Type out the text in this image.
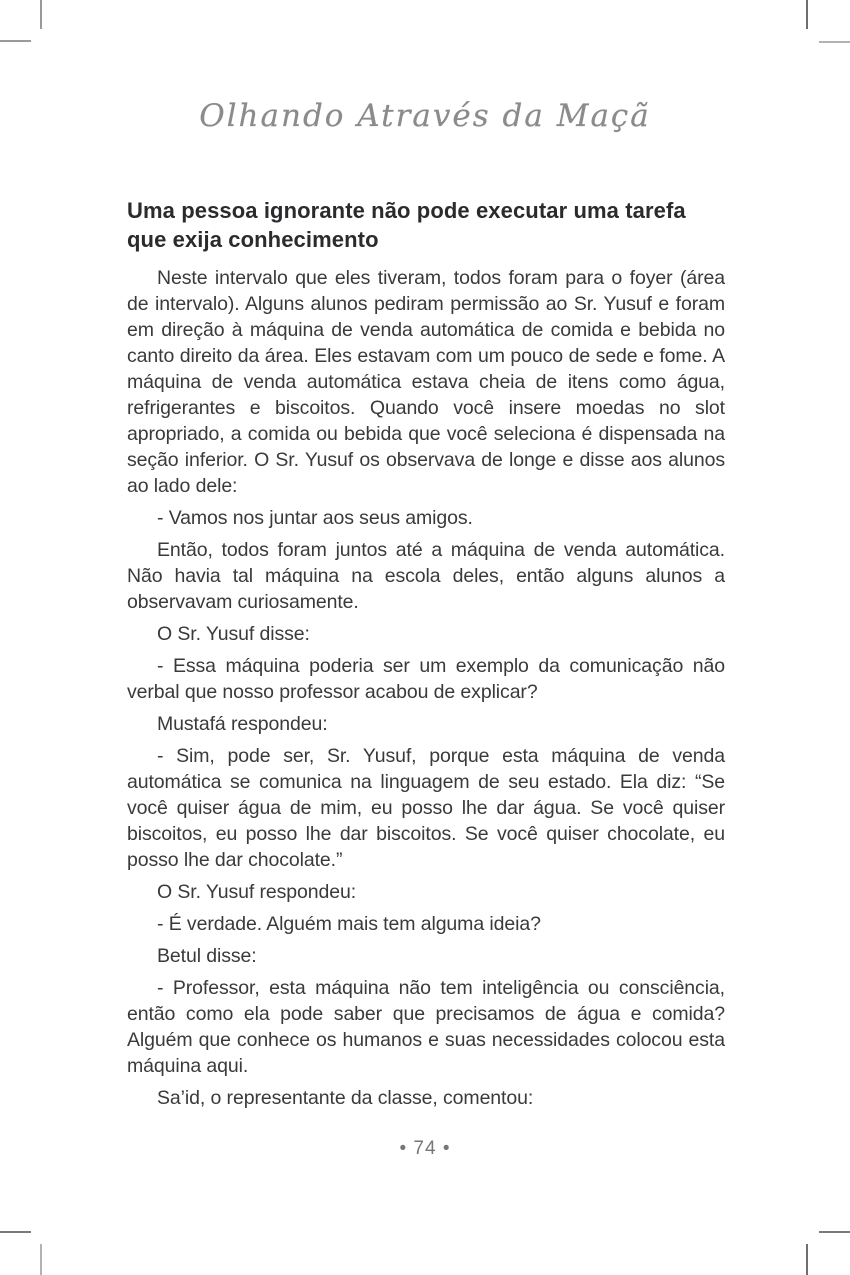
Olhando Através da Maçã
Uma pessoa ignorante não pode executar uma tarefa que exija conhecimento

Neste intervalo que eles tiveram, todos foram para o foyer (área de intervalo). Alguns alunos pediram permissão ao Sr. Yusuf e foram em direção à máquina de venda automática de comida e bebida no canto direito da área. Eles estavam com um pouco de sede e fome. A máquina de venda automática estava cheia de itens como água, refrigerantes e biscoitos. Quando você insere moedas no slot apropriado, a comida ou bebida que você seleciona é dispensada na seção inferior. O Sr. Yusuf os observava de longe e disse aos alunos ao lado dele:

- Vamos nos juntar aos seus amigos.

Então, todos foram juntos até a máquina de venda automática. Não havia tal máquina na escola deles, então alguns alunos a observavam curiosamente.

O Sr. Yusuf disse:

- Essa máquina poderia ser um exemplo da comunicação não verbal que nosso professor acabou de explicar?

Mustafá respondeu:

- Sim, pode ser, Sr. Yusuf, porque esta máquina de venda automática se comunica na linguagem de seu estado. Ela diz: “Se você quiser água de mim, eu posso lhe dar água. Se você quiser biscoitos, eu posso lhe dar biscoitos. Se você quiser chocolate, eu posso lhe dar chocolate.”

O Sr. Yusuf respondeu:

- É verdade. Alguém mais tem alguma ideia?

Betul disse:

- Professor, esta máquina não tem inteligência ou consciência, então como ela pode saber que precisamos de água e comida? Alguém que conhece os humanos e suas necessidades colocou esta máquina aqui.

Sa’id, o representante da classe, comentou:

• 74 •
